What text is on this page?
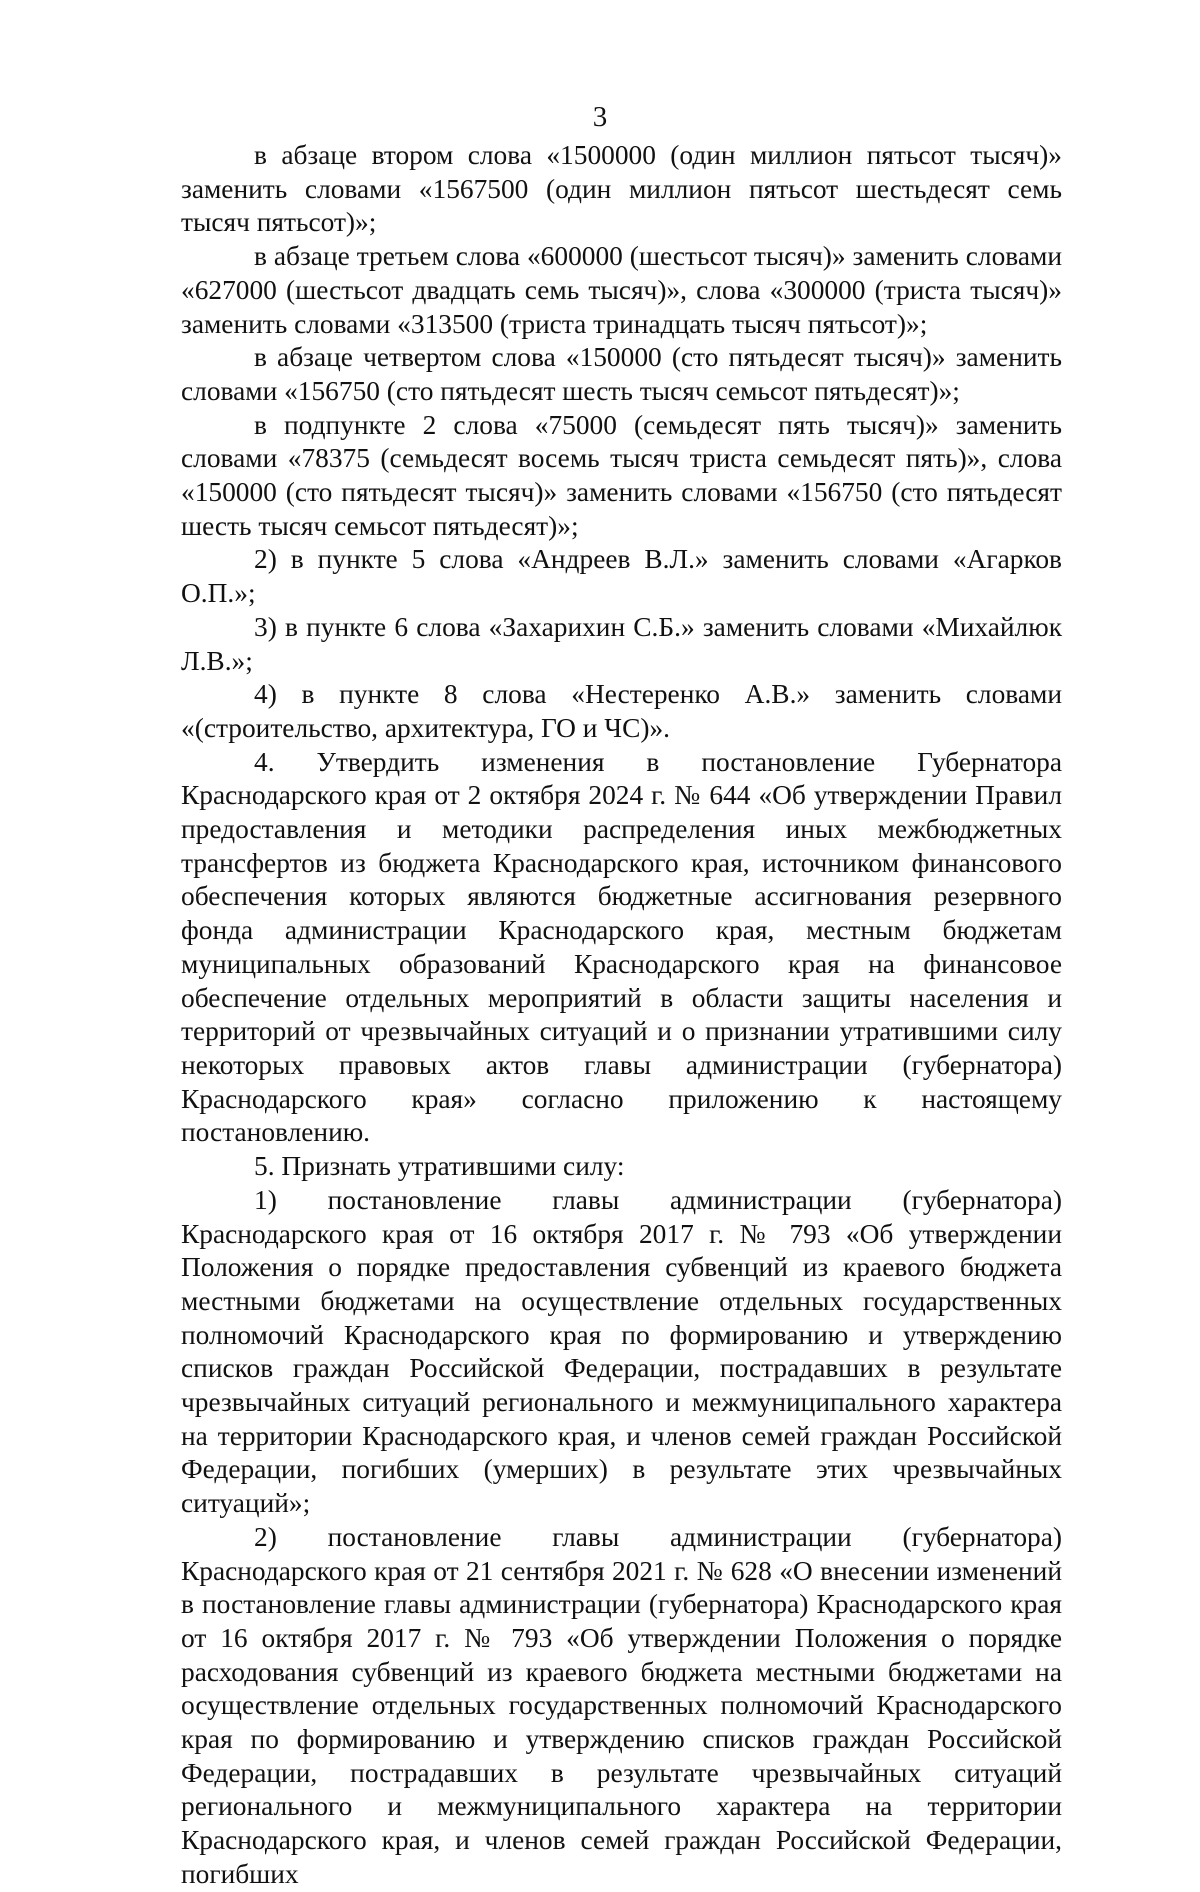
3

в абзаце втором слова «1500000 (один миллион пятьсот тысяч)» заменить словами «1567500 (один миллион пятьсот шестьдесят семь тысяч пятьсот)»;

в абзаце третьем слова «600000 (шестьсот тысяч)» заменить словами «627000 (шестьсот двадцать семь тысяч)», слова «300000 (триста тысяч)» заменить словами «313500 (триста тринадцать тысяч пятьсот)»;

в абзаце четвертом слова «150000 (сто пятьдесят тысяч)» заменить словами «156750 (сто пятьдесят шесть тысяч семьсот пятьдесят)»;

в подпункте 2 слова «75000 (семьдесят пять тысяч)» заменить словами «78375 (семьдесят восемь тысяч триста семьдесят пять)», слова «150000 (сто пятьдесят тысяч)» заменить словами «156750 (сто пятьдесят шесть тысяч семьсот пятьдесят)»;

2) в пункте 5 слова «Андреев В.Л.» заменить словами «Агарков О.П.»;

3) в пункте 6 слова «Захарихин С.Б.» заменить словами «Михайлюк Л.В.»;

4) в пункте 8 слова «Нестеренко А.В.» заменить словами «(строительство, архитектура, ГО и ЧС)».

4. Утвердить изменения в постановление Губернатора Краснодарского края от 2 октября 2024 г. № 644 «Об утверждении Правил предоставления и методики распределения иных межбюджетных трансфертов из бюджета Краснодарского края, источником финансового обеспечения которых являются бюджетные ассигнования резервного фонда администрации Краснодарского края, местным бюджетам муниципальных образований Краснодарского края на финансовое обеспечение отдельных мероприятий в области защиты населения и территорий от чрезвычайных ситуаций и о признании утратившими силу некоторых правовых актов главы администрации (губернатора) Краснодарского края» согласно приложению к настоящему постановлению.

5. Признать утратившими силу:

1) постановление главы администрации (губернатора) Краснодарского края от 16 октября 2017 г. № 793 «Об утверждении Положения о порядке предоставления субвенций из краевого бюджета местными бюджетами на осуществление отдельных государственных полномочий Краснодарского края по формированию и утверждению списков граждан Российской Федерации, пострадавших в результате чрезвычайных ситуаций регионального и межмуниципального характера на территории Краснодарского края, и членов семей граждан Российской Федерации, погибших (умерших) в результате этих чрезвычайных ситуаций»;

2) постановление главы администрации (губернатора) Краснодарского края от 21 сентября 2021 г. № 628 «О внесении изменений в постановление главы администрации (губернатора) Краснодарского края от 16 октября 2017 г. № 793 «Об утверждении Положения о порядке расходования субвенций из краевого бюджета местными бюджетами на осуществление отдельных государственных полномочий Краснодарского края по формированию и утверждению списков граждан Российской Федерации, пострадавших в результате чрезвычайных ситуаций регионального и межмуниципального характера на территории Краснодарского края, и членов семей граждан Российской Федерации, погибших
